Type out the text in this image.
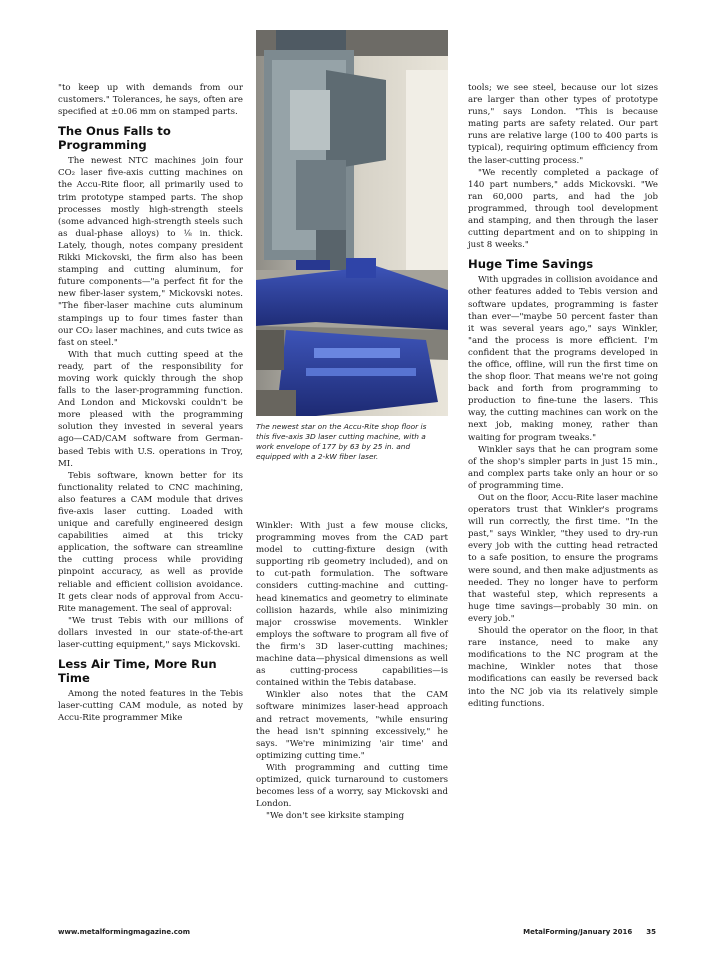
"to keep up with demands from our customers." Tolerances, he says, often are specified at ±0.06 mm on stamped parts.

The Onus Falls to Programming

The newest NTC machines join four CO₂ laser five-axis cutting machines on the Accu-Rite floor, all primarily used to trim prototype stamped parts. The shop processes mostly high-strength steels (some advanced high-strength steels such as dual-phase alloys) to ⅛ in. thick. Lately, though, notes company president Rikki Mickovski, the firm also has been stamping and cutting aluminum, for future components—"a perfect fit for the new fiber-laser system," Mickovski notes. "The fiber-laser machine cuts aluminum stampings up to four times faster than our CO₂ laser machines, and cuts twice as fast on steel."

With that much cutting speed at the ready, part of the responsibility for moving work quickly through the shop falls to the laser-programming function. And London and Mickovski couldn't be more pleased with the programming solution they invested in several years ago—CAD/CAM software from German-based Tebis with U.S. operations in Troy, MI.

Tebis software, known better for its functionality related to CNC machining, also features a CAM module that drives five-axis laser cutting. Loaded with unique and carefully engineered design capabilities aimed at this tricky application, the software can streamline the cutting process while providing pinpoint accuracy, as well as provide reliable and efficient collision avoidance. It gets clear nods of approval from Accu-Rite management. The seal of approval:

"We trust Tebis with our millions of dollars invested in our state-of-the-art laser-cutting equipment," says Mickovski.

Less Air Time, More Run Time

Among the noted features in the Tebis laser-cutting CAM module, as noted by Accu-Rite programmer Mike

The newest star on the Accu-Rite shop floor is this five-axis 3D laser cutting machine, with a work envelope of 177 by 63 by 25 in. and equipped with a 2-kW fiber laser.

Winkler: With just a few mouse clicks, programming moves from the CAD part model to cutting-fixture design (with supporting rib geometry included), and on to cut-path formulation. The software considers cutting-machine and cutting-head kinematics and geometry to eliminate collision hazards, while also minimizing major crosswise movements. Winkler employs the software to program all five of the firm's 3D laser-cutting machines; machine data—physical dimensions as well as cutting-process capabilities—is contained within the Tebis database.

Winkler also notes that the CAM software minimizes laser-head approach and retract movements, "while ensuring the head isn't spinning excessively," he says. "We're minimizing 'air time' and optimizing cutting time."

With programming and cutting time optimized, quick turnaround to customers becomes less of a worry, say Mickovski and London.

"We don't see kirksite stamping

tools; we see steel, because our lot sizes are larger than other types of prototype runs," says London. "This is because mating parts are safety related. Our part runs are relative large (100 to 400 parts is typical), requiring optimum efficiency from the laser-cutting process."

"We recently completed a package of 140 part numbers," adds Mickovski. "We ran 60,000 parts, and had the job programmed, through tool development and stamping, and then through the laser cutting department and on to shipping in just 8 weeks."

Huge Time Savings

With upgrades in collision avoidance and other features added to Tebis version and software updates, programming is faster than ever—"maybe 50 percent faster than it was several years ago," says Winkler, "and the process is more efficient. I'm confident that the programs developed in the office, offline, will run the first time on the shop floor. That means we're not going back and forth from programming to production to fine-tune the lasers. This way, the cutting machines can work on the next job, making money, rather than waiting for program tweaks."

Winkler says that he can program some of the shop's simpler parts in just 15 min., and complex parts take only an hour or so of programming time.

Out on the floor, Accu-Rite laser machine operators trust that Winkler's programs will run correctly, the first time. "In the past," says Winkler, "they used to dry-run every job with the cutting head retracted to a safe position, to ensure the programs were sound, and then make adjustments as needed. They no longer have to perform that wasteful step, which represents a huge time savings—probably 30 min. on every job."

Should the operator on the floor, in that rare instance, need to make any modifications to the NC program at the machine, Winkler notes that those modifications can easily be reversed back into the NC job via its relatively simple editing functions.

www.metalformingmagazine.com	MetalForming/January 2016 35
